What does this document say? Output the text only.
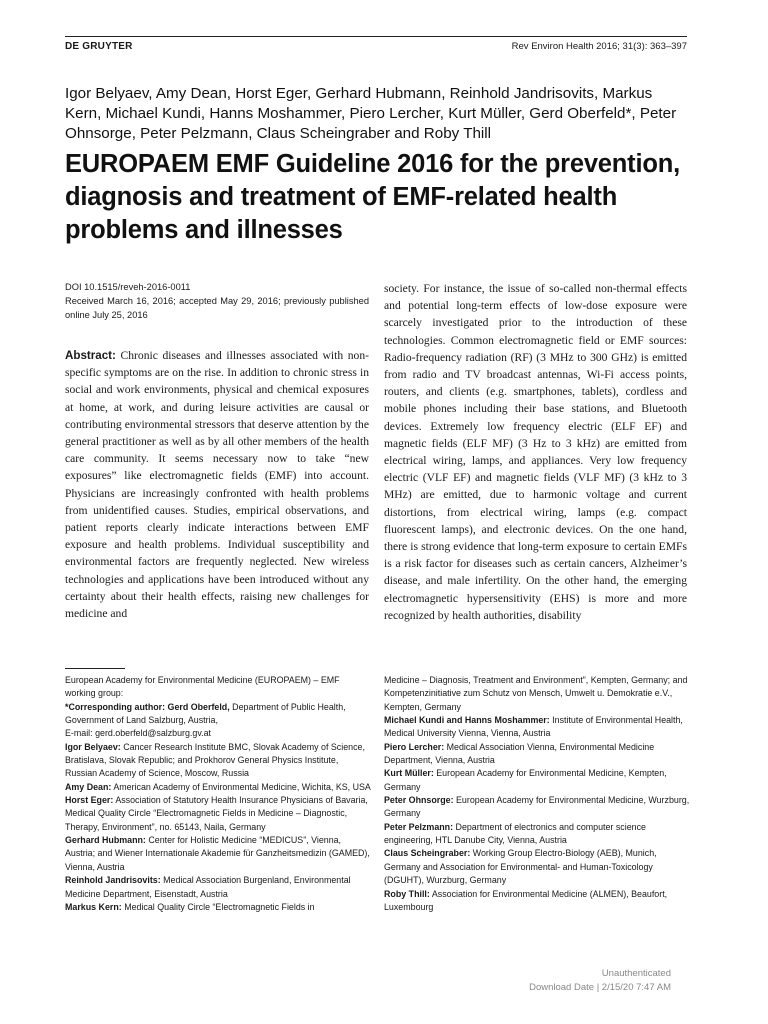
DE GRUYTER	Rev Environ Health 2016; 31(3): 363–397
Igor Belyaev, Amy Dean, Horst Eger, Gerhard Hubmann, Reinhold Jandrisovits, Markus Kern, Michael Kundi, Hanns Moshammer, Piero Lercher, Kurt Müller, Gerd Oberfeld*, Peter Ohnsorge, Peter Pelzmann, Claus Scheingraber and Roby Thill
EUROPAEM EMF Guideline 2016 for the prevention, diagnosis and treatment of EMF-related health problems and illnesses
DOI 10.1515/reveh-2016-0011
Received March 16, 2016; accepted May 29, 2016; previously published online July 25, 2016
Abstract: Chronic diseases and illnesses associated with non-specific symptoms are on the rise. In addition to chronic stress in social and work environments, physical and chemical exposures at home, at work, and during leisure activities are causal or contributing environmental stressors that deserve attention by the general practitioner as well as by all other members of the health care community. It seems necessary now to take “new exposures” like electromagnetic fields (EMF) into account. Physicians are increasingly confronted with health problems from unidentified causes. Studies, empirical observations, and patient reports clearly indicate interactions between EMF exposure and health problems. Individual susceptibility and environmental factors are frequently neglected. New wireless technologies and applications have been introduced without any certainty about their health effects, raising new challenges for medicine and
society. For instance, the issue of so-called non-thermal effects and potential long-term effects of low-dose exposure were scarcely investigated prior to the introduction of these technologies. Common electromagnetic field or EMF sources: Radio-frequency radiation (RF) (3 MHz to 300 GHz) is emitted from radio and TV broadcast antennas, Wi-Fi access points, routers, and clients (e.g. smartphones, tablets), cordless and mobile phones including their base stations, and Bluetooth devices. Extremely low frequency electric (ELF EF) and magnetic fields (ELF MF) (3 Hz to 3 kHz) are emitted from electrical wiring, lamps, and appliances. Very low frequency electric (VLF EF) and magnetic fields (VLF MF) (3 kHz to 3 MHz) are emitted, due to harmonic voltage and current distortions, from electrical wiring, lamps (e.g. compact fluorescent lamps), and electronic devices. On the one hand, there is strong evidence that long-term exposure to certain EMFs is a risk factor for diseases such as certain cancers, Alzheimer’s disease, and male infertility. On the other hand, the emerging electromagnetic hypersensitivity (EHS) is more and more recognized by health authorities, disability

European Academy for Environmental Medicine (EUROPAEM) – EMF working group:

*Corresponding author: Gerd Oberfeld, Department of Public Health, Government of Land Salzburg, Austria,

E-mail: gerd.oberfeld@salzburg.gv.at

Igor Belyaev: Cancer Research Institute BMC, Slovak Academy of Science, Bratislava, Slovak Republic; and Prokhorov General Physics Institute, Russian Academy of Science, Moscow, Russia

Amy Dean: American Academy of Environmental Medicine, Wichita, KS, USA

Horst Eger: Association of Statutory Health Insurance Physicians of Bavaria, Medical Quality Circle “Electromagnetic Fields in Medicine – Diagnostic, Therapy, Environment”, no. 65143, Naila, Germany

Gerhard Hubmann: Center for Holistic Medicine “MEDICUS”, Vienna, Austria; and Wiener Internationale Akademie für Ganzheitsmedizin (GAMED), Vienna, Austria

Reinhold Jandrisovits: Medical Association Burgenland, Environmental Medicine Department, Eisenstadt, Austria

Markus Kern: Medical Quality Circle “Electromagnetic Fields in

Medicine – Diagnosis, Treatment and Environment”, Kempten, Germany; and Kompetenzinitiative zum Schutz von Mensch, Umwelt u. Demokratie e.V., Kempten, Germany

Michael Kundi and Hanns Moshammer: Institute of Environmental Health, Medical University Vienna, Vienna, Austria

Piero Lercher: Medical Association Vienna, Environmental Medicine Department, Vienna, Austria

Kurt Müller: European Academy for Environmental Medicine, Kempten, Germany

Peter Ohnsorge: European Academy for Environmental Medicine, Wurzburg, Germany

Peter Pelzmann: Department of electronics and computer science engineering, HTL Danube City, Vienna, Austria

Claus Scheingraber: Working Group Electro-Biology (AEB), Munich, Germany and Association for Environmental- and Human-Toxicology (DGUHT), Wurzburg, Germany

Roby Thill: Association for Environmental Medicine (ALMEN), Beaufort, Luxembourg

Unauthenticated
Download Date | 2/15/20 7:47 AM
